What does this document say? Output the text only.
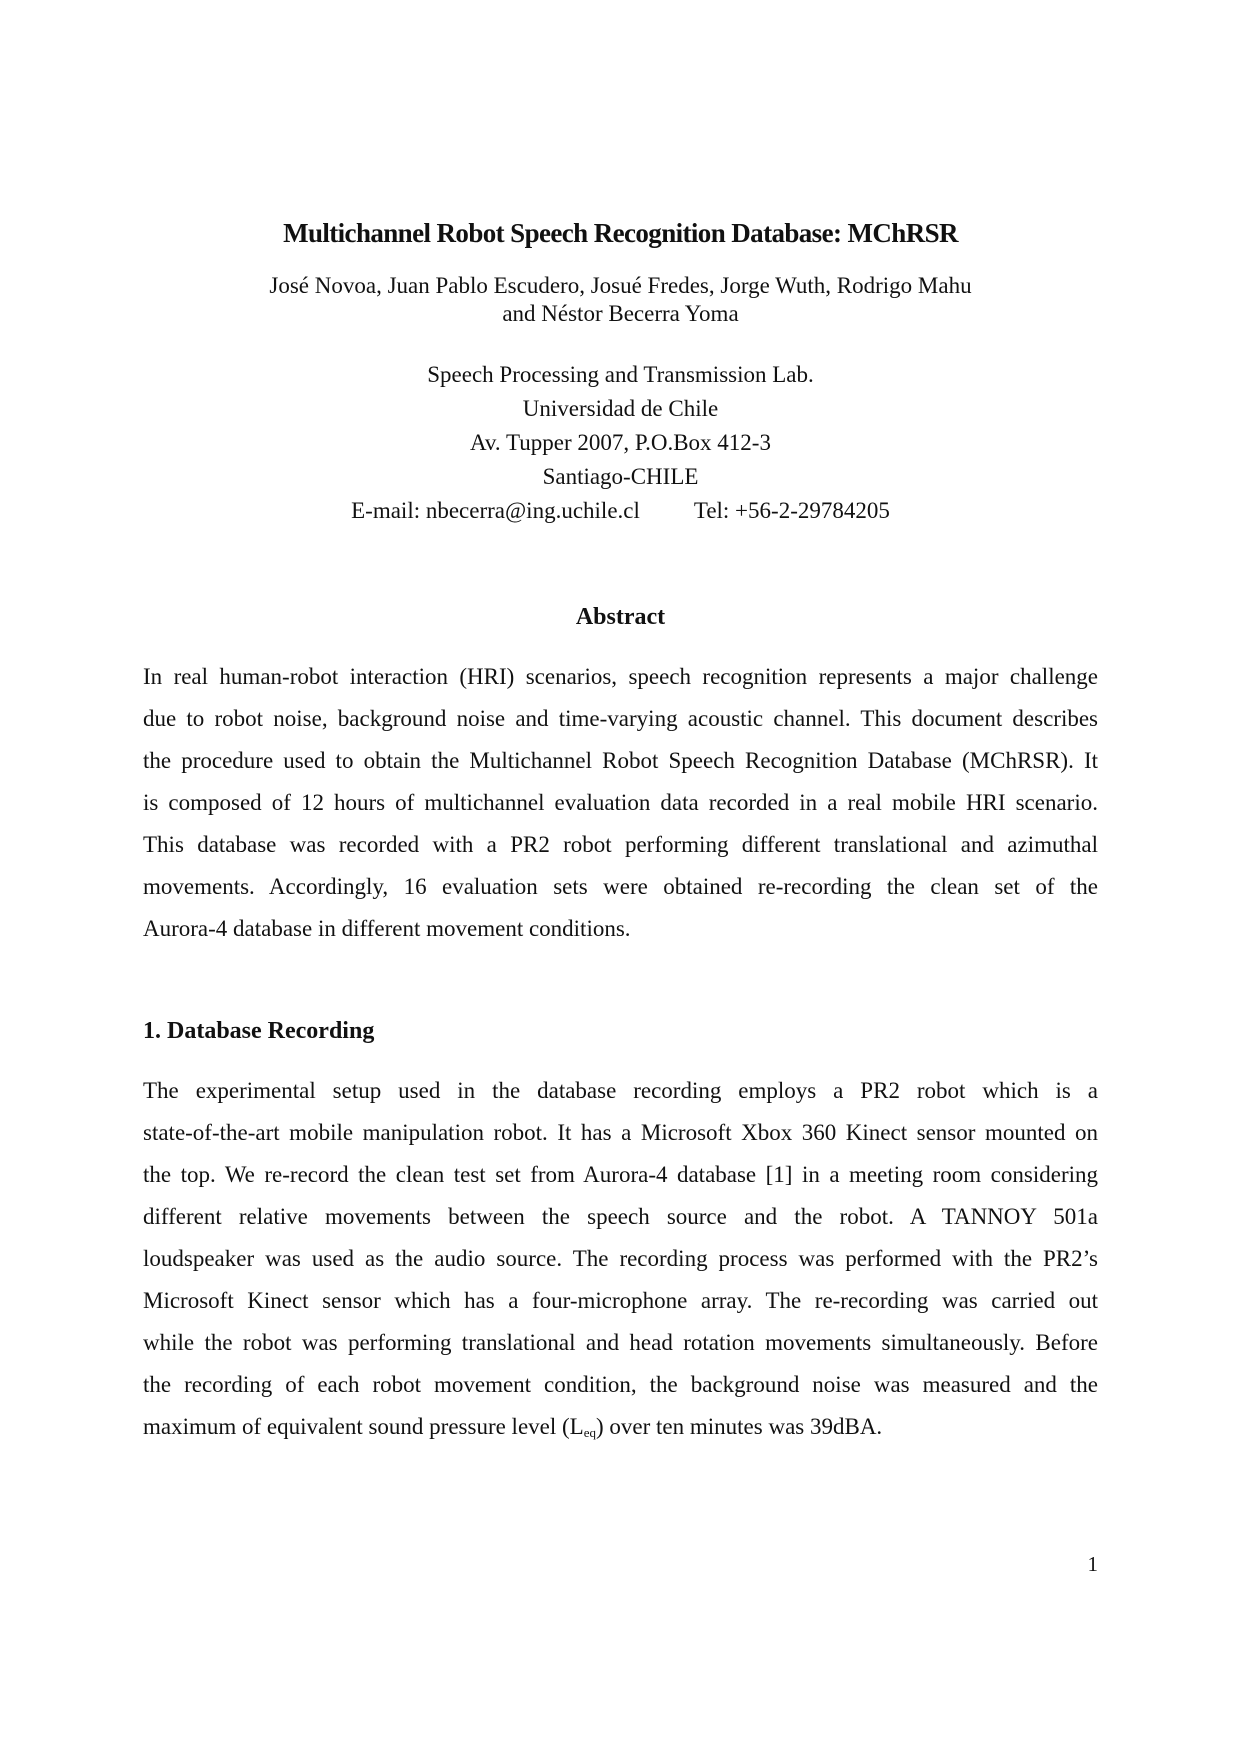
Multichannel Robot Speech Recognition Database: MChRSR
José Novoa, Juan Pablo Escudero, Josué Fredes, Jorge Wuth, Rodrigo Mahu
and Néstor Becerra Yoma
Speech Processing and Transmission Lab.
Universidad de Chile
Av. Tupper 2007, P.O.Box 412-3
Santiago-CHILE
E-mail: nbecerra@ing.uchile.cl Tel: +56-2-29784205
Abstract
In real human-robot interaction (HRI) scenarios, speech recognition represents a major challenge
due to robot noise, background noise and time-varying acoustic channel. This document describes
the procedure used to obtain the Multichannel Robot Speech Recognition Database (MChRSR). It
is composed of 12 hours of multichannel evaluation data recorded in a real mobile HRI scenario.
This database was recorded with a PR2 robot performing different translational and azimuthal
movements. Accordingly, 16 evaluation sets were obtained re-recording the clean set of the
Aurora-4 database in different movement conditions.
1. Database Recording
The experimental setup used in the database recording employs a PR2 robot which is a
state-of-the-art mobile manipulation robot. It has a Microsoft Xbox 360 Kinect sensor mounted on
the top. We re-record the clean test set from Aurora-4 database [1] in a meeting room considering
different relative movements between the speech source and the robot. A TANNOY 501a
loudspeaker was used as the audio source. The recording process was performed with the PR2’s
Microsoft Kinect sensor which has a four-microphone array. The re-recording was carried out
while the robot was performing translational and head rotation movements simultaneously. Before
the recording of each robot movement condition, the background noise was measured and the
maximum of equivalent sound pressure level $(L_{eq})$ over ten minutes was 39dBA.
1
